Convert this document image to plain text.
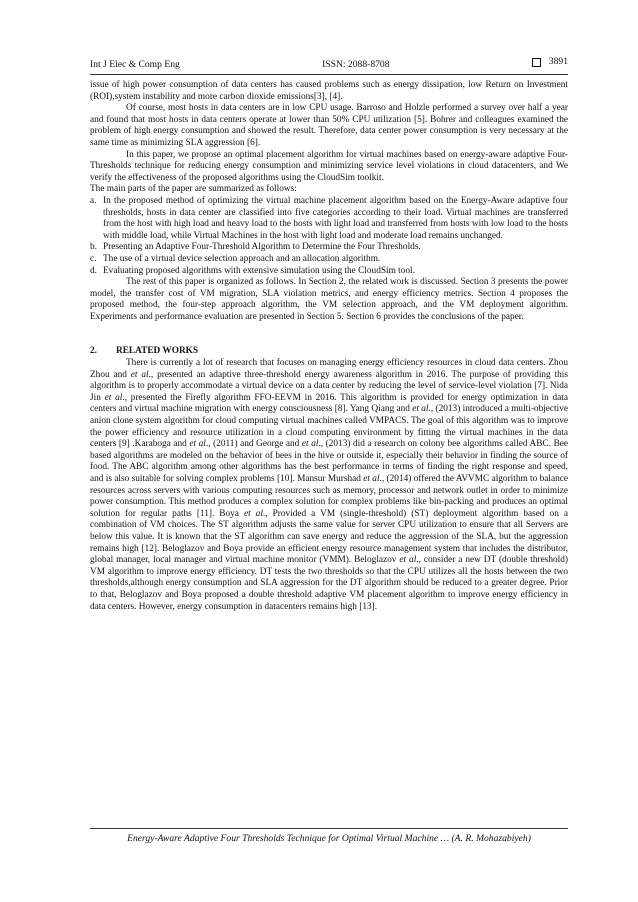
Int J Elec & Comp Eng	ISSN: 2088-8708	3891

issue of high power consumption of data centers has caused problems such as energy dissipation, low Return on Investment (ROI),system instability and more carbon dioxide emissions[3], [4].

Of course, most hosts in data centers are in low CPU usage. Barroso and Holzle performed a survey over half a year and found that most hosts in data centers operate at lower than 50% CPU utilization [5]. Bohrer and colleagues examined the problem of high energy consumption and showed the result. Therefore, data center power consumption is very necessary at the same time as minimizing SLA aggression [6].

In this paper, we propose an optimal placement algorithm for virtual machines based on energy-aware adaptive Four-Thresholds technique for reducing energy consumption and minimizing service level violations in cloud datacenters, and We verify the effectiveness of the proposed algorithms using the CloudSim toolkit.

The main parts of the paper are summarized as follows:

a. In the proposed method of optimizing the virtual machine placement algorithm based on the Energy-Aware adaptive four thresholds, hosts in data center are classified into five categories according to their load. Virtual machines are transferred from the host with high load and heavy load to the hosts with light load and transferred from hosts with low load to the hosts with middle load, while Virtual Machines in the host with light load and moderate load remains unchanged.
b. Presenting an Adaptive Four-Threshold Algorithm to Determine the Four Thresholds.
c. The use of a virtual device selection approach and an allocation algorithm.
d. Evaluating proposed algorithms with extensive simulation using the CloudSim tool.

The rest of this paper is organized as follows. In Section 2, the related work is discussed. Section 3 presents the power model, the transfer cost of VM migration, SLA violation metrics, and energy efficiency metrics. Section 4 proposes the proposed method, the four-step approach algorithm, the VM selection approach, and the VM deployment algorithm. Experiments and performance evaluation are presented in Section 5. Section 6 provides the conclusions of the paper.

2. RELATED WORKS

There is currently a lot of research that focuses on managing energy efficiency resources in cloud data centers. Zhou Zhou and et al., presented an adaptive three-threshold energy awareness algorithm in 2016. The purpose of providing this algorithm is to properly accommodate a virtual device on a data center by reducing the level of service-level violation [7]. Nida Jin et al., presented the Firefly algorithm FFO-EEVM in 2016. This algorithm is provided for energy optimization in data centers and virtual machine migration with energy consciousness [8]. Yang Qiang and et al., (2013) introduced a multi-objective anion clone system algorithm for cloud computing virtual machines called VMPACS. The goal of this algorithm was to improve the power efficiency and resource utilization in a cloud computing environment by fitting the virtual machines in the data centers [9] .Karaboga and et al., (2011) and George and et al., (2013) did a research on colony bee algorithms called ABC. Bee based algorithms are modeled on the behavior of bees in the hive or outside it, especially their behavior in finding the source of food. The ABC algorithm among other algorithms has the best performance in terms of finding the right response and speed, and is also suitable for solving complex problems [10]. Mansur Murshad et al., (2014) offered the AVVMC algorithm to balance resources across servers with various computing resources such as memory, processor and network outlet in order to minimize power consumption. This method produces a complex solution for complex problems like bin-packing and produces an optimal solution for regular paths [11]. Boya et al., Provided a VM (single-threshold) (ST) deployment algorithm based on a combination of VM choices. The ST algorithm adjusts the same value for server CPU utilization to ensure that all Servers are below this value. It is known that the ST algorithm can save energy and reduce the aggression of the SLA, but the aggression remains high [12]. Beloglazov and Boya provide an efficient energy resource management system that includes the distributor, global manager, local manager and virtual machine monitor (VMM). Beloglazov et al., consider a new DT (double threshold) VM algorithm to improve energy efficiency. DT tests the two thresholds so that the CPU utilizes all the hosts between the two thresholds,although energy consumption and SLA aggression for the DT algorithm should be reduced to a greater degree. Prior to that, Beloglazov and Boya proposed a double threshold adaptive VM placement algorithm to improve energy efficiency in data centers. However, energy consumption in datacenters remains high [13].

Energy-Aware Adaptive Four Thresholds Technique for Optimal Virtual Machine … (A. R. Mohazabiyeh)
